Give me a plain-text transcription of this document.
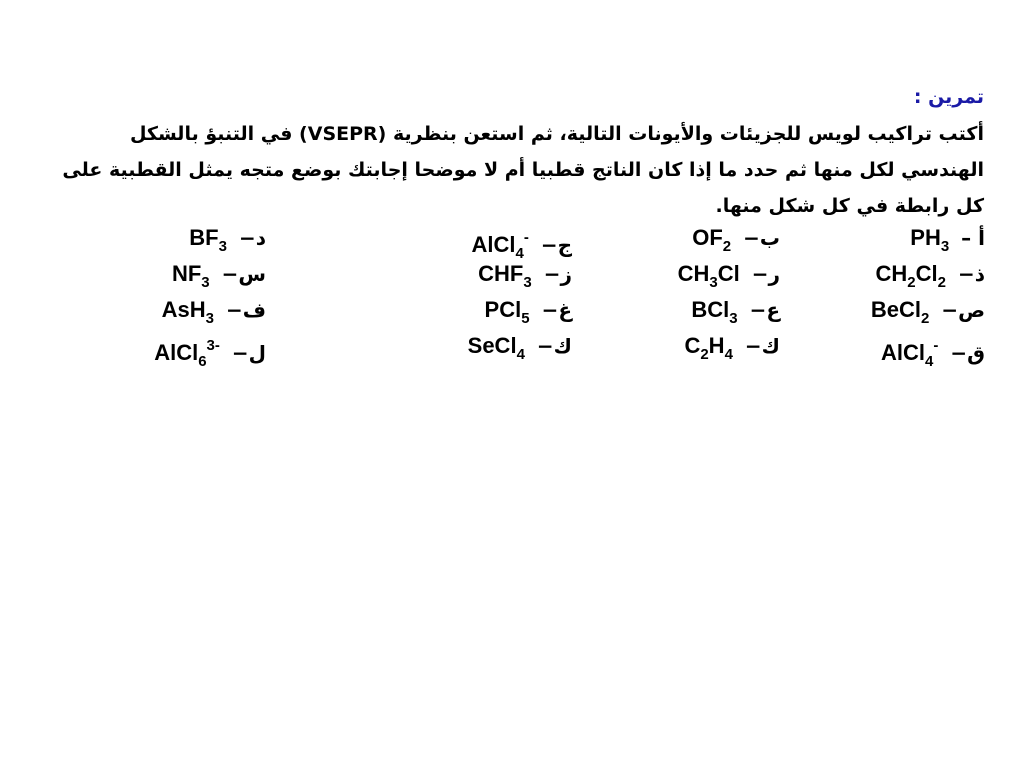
تمرين :
أكتب تراكيب لويس للجزيئات والأيونات التالية، ثم استعن بنظرية (VSEPR) في التنبؤ بالشكل
الهندسي لكل منها ثم حدد ما إذا كان الناتج قطبيا أم لا موضحا إجابتك بوضع متجه يمثل القطبية على
كل رابطة في كل شكل منها.
أ –
$PH_3$
ب−
$OF_2$
ج−
AlCl$_4$-
د−
$BF_3$
ذ−
$CH_2Cl_2$
ر−
$CH_3Cl$
ز−
$CHF_3$
س−
$NF_3$
ص−
BeCl$_2$
ع−
BCl$_3$
غ−
PCl$_5$
ف−
AsH$_3$
ق−
AlCl$_4$-
ك−
$C_2H_4$
ك−
SeCl$_4$
ل−
AlCl$_6^{3-}$
